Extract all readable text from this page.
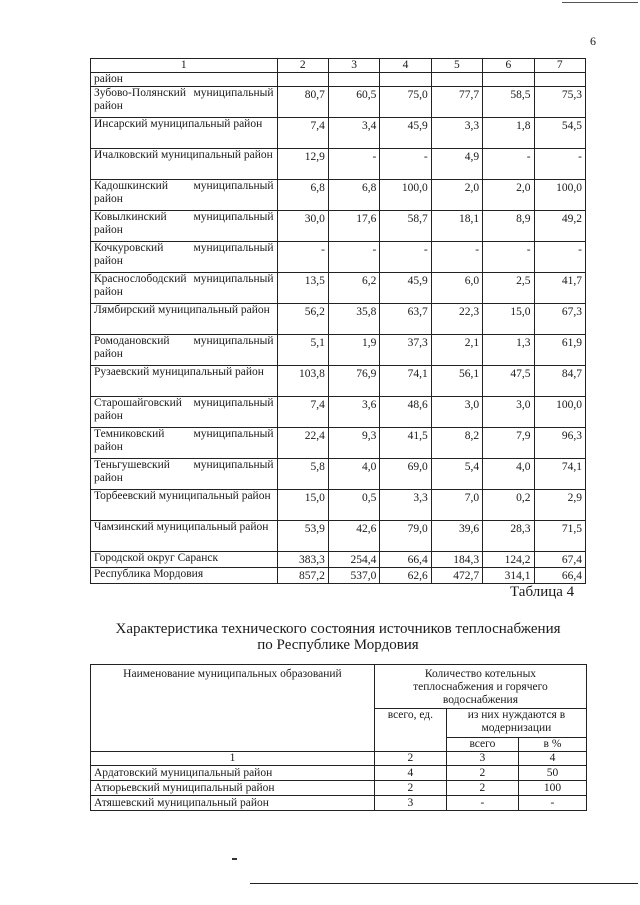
6
1	2	3	4	5	6	7
район						
Зубово-Полянский муниципальный район	80,7	60,5	75,0	77,7	58,5	75,3
Инсарский муниципальный район	7,4	3,4	45,9	3,3	1,8	54,5
Ичалковский муниципальный район	12,9	-	-	4,9	-	-
Кадошкинский муниципальный район	6,8	6,8	100,0	2,0	2,0	100,0
Ковылкинский муниципальный район	30,0	17,6	58,7	18,1	8,9	49,2
Кочкуровский муниципальный район	-	-	-	-	-	-
Краснослободский муниципальный район	13,5	6,2	45,9	6,0	2,5	41,7
Лямбирский муниципальный район	56,2	35,8	63,7	22,3	15,0	67,3
Ромодановский муниципальный район	5,1	1,9	37,3	2,1	1,3	61,9
Рузаевский муниципальный район	103,8	76,9	74,1	56,1	47,5	84,7
Старошайговский муниципальный район	7,4	3,6	48,6	3,0	3,0	100,0
Темниковский муниципальный район	22,4	9,3	41,5	8,2	7,9	96,3
Теньгушевский муниципальный район	5,8	4,0	69,0	5,4	4,0	74,1
Торбеевский муниципальный район	15,0	0,5	3,3	7,0	0,2	2,9
Чамзинский муниципальный район	53,9	42,6	79,0	39,6	28,3	71,5
Городской округ Саранск	383,3	254,4	66,4	184,3	124,2	67,4
Республика Мордовия	857,2	537,0	62,6	472,7	314,1	66,4
Таблица 4
Характеристика технического состояния источников теплоснабжения
по Республике Мордовия
Наименование муниципальных образований	Количество котельных теплоснабжения и горячего водоснабжения		
	всего, ед.	из них нуждаются в модернизации	
		всего	в %
1	2	3	4
Ардатовский муниципальный район	4	2	50
Атюрьевский муниципальный район	2	2	100
Атяшевский муниципальный район	3	-	-
